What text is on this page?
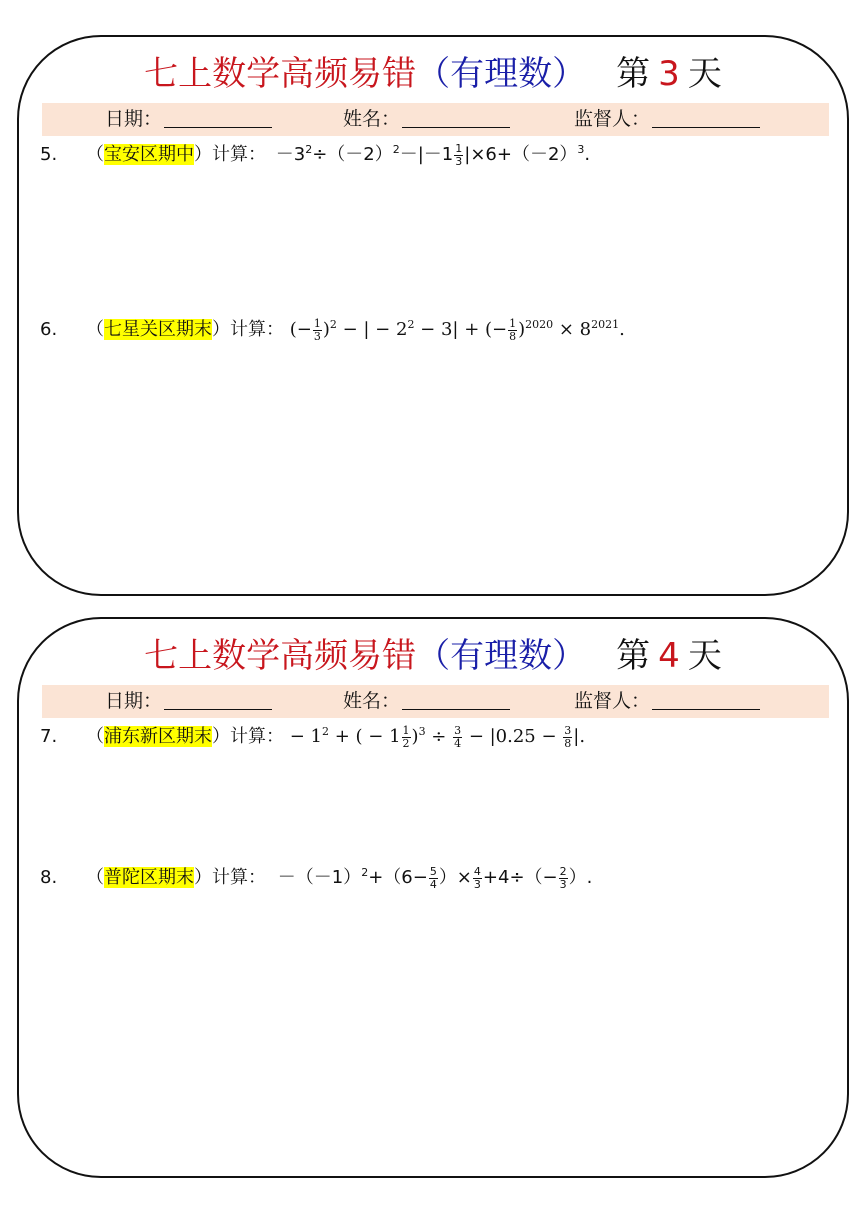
七上数学高频易错（有理数） 第 3 天
日期：	姓名：	监督人：
5. （宝安区期中）计算： $-3^2\div(-2)^2-|-1 \frac{1}{3} |\times 6+(-2)^3$.
6. （七星关区期末）计算： (− $\frac{1}{3} )^2$ − | − $2^2 - 3|$ + (− $\frac{1}{8} )^{2020} \times 8^{2021}$.
七上数学高频易错（有理数） 第 4 天
日期：	姓名：	监督人：
7. （浦东新区期末）计算： − $1^2$ + ( − $1 \frac{1}{2} )^3 \div \frac{3}{4} - |0.25 - \frac{3}{8}$ |.
8. （普陀区期末）计算： $-(-1)^2+(6- \frac{5}{4}$ ）× $\frac{4}{3} +4\div(- \frac{2}{3}$ ）.
